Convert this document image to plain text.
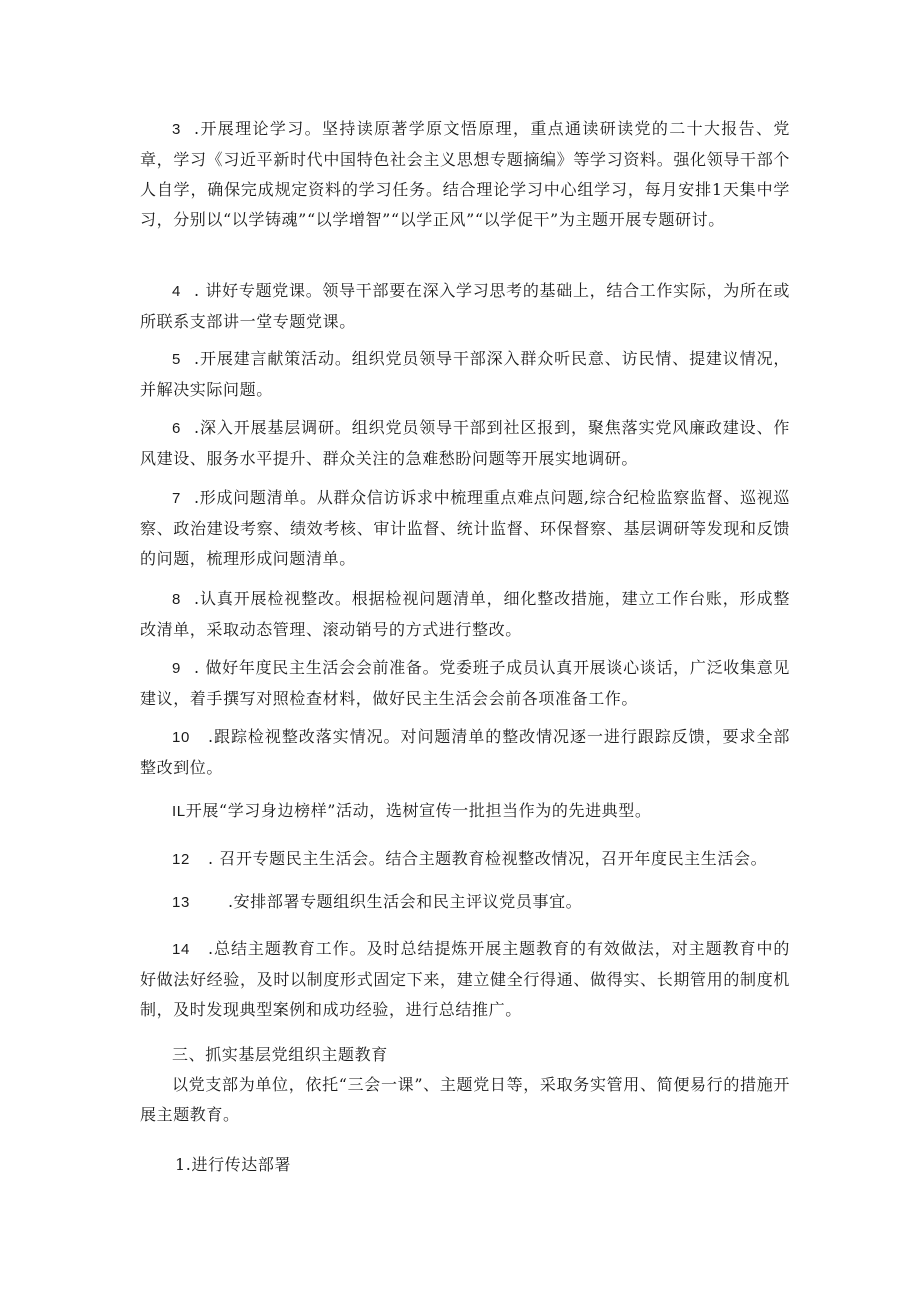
3 .开展理论学习。坚持读原著学原文悟原理，重点通读研读党的二十大报告、党章，学习《习近平新时代中国特色社会主义思想专题摘编》等学习资料。强化领导干部个人自学，确保完成规定资料的学习任务。结合理论学习中心组学习，每月安排1天集中学习，分别以“以学铸魂”“以学增智”“以学正风”“以学促干”为主题开展专题研讨。

4 . 讲好专题党课。领导干部要在深入学习思考的基础上，结合工作实际，为所在或所联系支部讲一堂专题党课。

5 .开展建言献策活动。组织党员领导干部深入群众听民意、访民情、提建议情况，并解决实际问题。

6 .深入开展基层调研。组织党员领导干部到社区报到，聚焦落实党风廉政建设、作风建设、服务水平提升、群众关注的急难愁盼问题等开展实地调研。

7 .形成问题清单。从群众信访诉求中梳理重点难点问题,综合纪检监察监督、巡视巡察、政治建设考察、绩效考核、审计监督、统计监督、环保督察、基层调研等发现和反馈的问题，梳理形成问题清单。

8 .认真开展检视整改。根据检视问题清单，细化整改措施，建立工作台账，形成整改清单，采取动态管理、滚动销号的方式进行整改。

9 . 做好年度民主生活会会前准备。党委班子成员认真开展谈心谈话，广泛收集意见建议，着手撰写对照检查材料，做好民主生活会会前各项准备工作。

10 .跟踪检视整改落实情况。对问题清单的整改情况逐一进行跟踪反馈，要求全部整改到位。

IL开展“学习身边榜样”活动，选树宣传一批担当作为的先进典型。

12 . 召开专题民主生活会。结合主题教育检视整改情况，召开年度民主生活会。

13 .安排部署专题组织生活会和民主评议党员事宜。

14 .总结主题教育工作。及时总结提炼开展主题教育的有效做法，对主题教育中的好做法好经验，及时以制度形式固定下来，建立健全行得通、做得实、长期管用的制度机制，及时发现典型案例和成功经验，进行总结推广。

三、抓实基层党组织主题教育

以党支部为单位，依托“三会一课”、主题党日等，采取务实管用、简便易行的措施开展主题教育。

1.进行传达部署
